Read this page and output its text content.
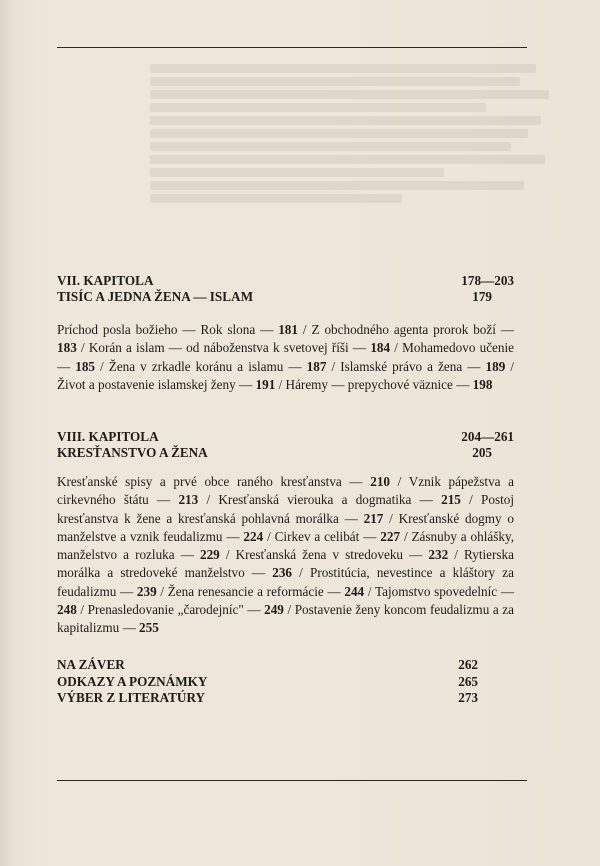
VII. KAPITOLA	178—203
TISÍC A JEDNA ŽENA — ISLAM	179
Príchod posla božieho — Rok slona — 181 / Z obchodného agenta prorok boží — 183 / Korán a islam — od náboženstva k svetovej říši — 184 / Mohamedovo učenie — 185 / Žena v zrkadle koránu a islamu — 187 / Islamské právo a žena — 189 / Život a postavenie islamskej ženy — 191 / Háremy — prepychové väznice — 198
VIII. KAPITOLA	204—261
KRESŤANSTVO A ŽENA	205
Kresťanské spisy a prvé obce raného kresťanstva — 210 / Vznik pápežstva a cirkevného štátu — 213 / Kresťanská vierouka a dogmatika — 215 / Postoj kresťanstva k žene a kresťanská pohlavná morálka — 217 / Kresťanské dogmy o manželstve a vznik feudalizmu — 224 / Cirkev a celibát — 227 / Zásnuby a ohlášky, manželstvo a rozluka — 229 / Kresťanská žena v stredoveku — 232 / Rytierska morálka a stredoveké manželstvo — 236 / Prostitúcia, nevestince a kláštory za feudalizmu — 239 / Žena renesancie a reformácie — 244 / Tajomstvo spovedelníc — 248 / Prenasledovanie „čarodejníc" — 249 / Postavenie ženy koncom feudalizmu a za kapitalizmu — 255
NA ZÁVER	262
ODKAZY A POZNÁMKY	265
VÝBER Z LITERATÚRY	273
